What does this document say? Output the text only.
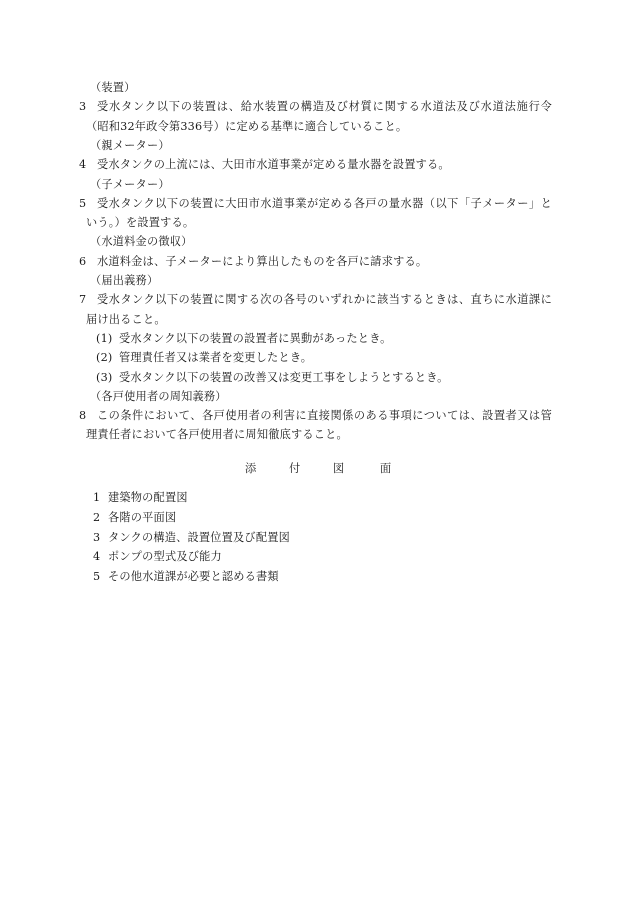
（装置）
3 受水タンク以下の装置は、給水装置の構造及び材質に関する水道法及び水道法施行令
（昭和32年政令第336号）に定める基準に適合していること。
（親メーター）
4 受水タンクの上流には、大田市水道事業が定める量水器を設置する。
（子メーター）
5 受水タンク以下の装置に大田市水道事業が定める各戸の量水器（以下「子メーター」と
いう。）を設置する。
（水道料金の徴収）
6 水道料金は、子メーターにより算出したものを各戸に請求する。
（届出義務）
7 受水タンク以下の装置に関する次の各号のいずれかに該当するときは、直ちに水道課に
届け出ること。
(1) 受水タンク以下の装置の設置者に異動があったとき。
(2) 管理責任者又は業者を変更したとき。
(3) 受水タンク以下の装置の改善又は変更工事をしようとするとき。
（各戸使用者の周知義務）
8 この条件において、各戸使用者の利害に直接関係のある事項については、設置者又は管
理責任者において各戸使用者に周知徹底すること。
添	付	図	面
1 建築物の配置図
2 各階の平面図
3 タンクの構造、設置位置及び配置図
4 ポンプの型式及び能力
5 その他水道課が必要と認める書類
